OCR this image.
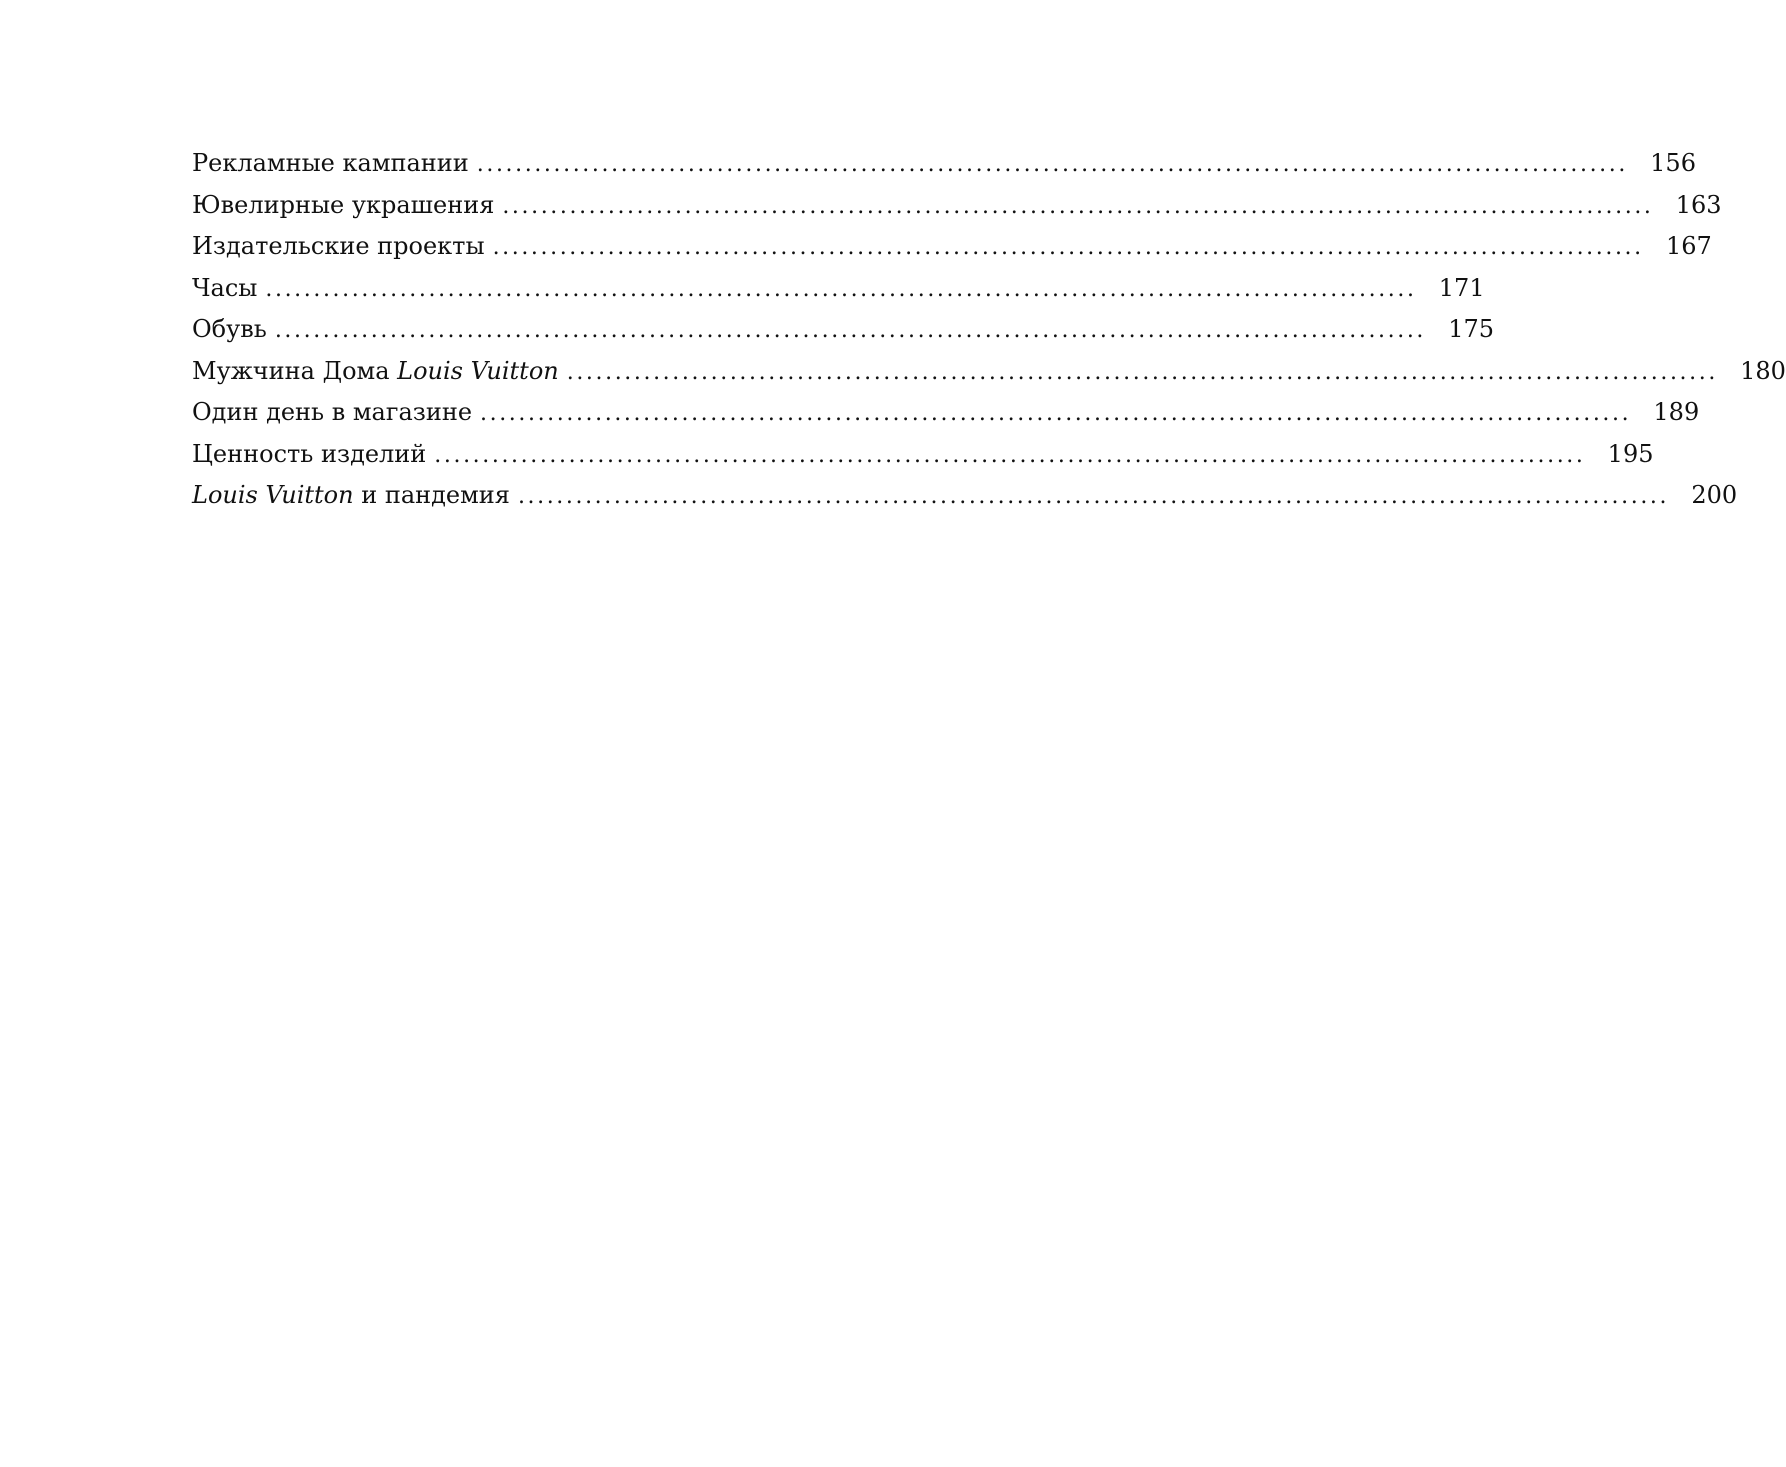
Рекламные кампании ........................................................................................................................ 156
Ювелирные украшения ........................................................................................................................ 163
Издательские проекты ........................................................................................................................ 167
Часы ........................................................................................................................ 171
Обувь ........................................................................................................................ 175
Мужчина Дома Louis Vuitton ........................................................................................................................ 180
Один день в магазине ........................................................................................................................ 189
Ценность изделий ........................................................................................................................ 195
Louis Vuitton и пандемия ........................................................................................................................ 200
